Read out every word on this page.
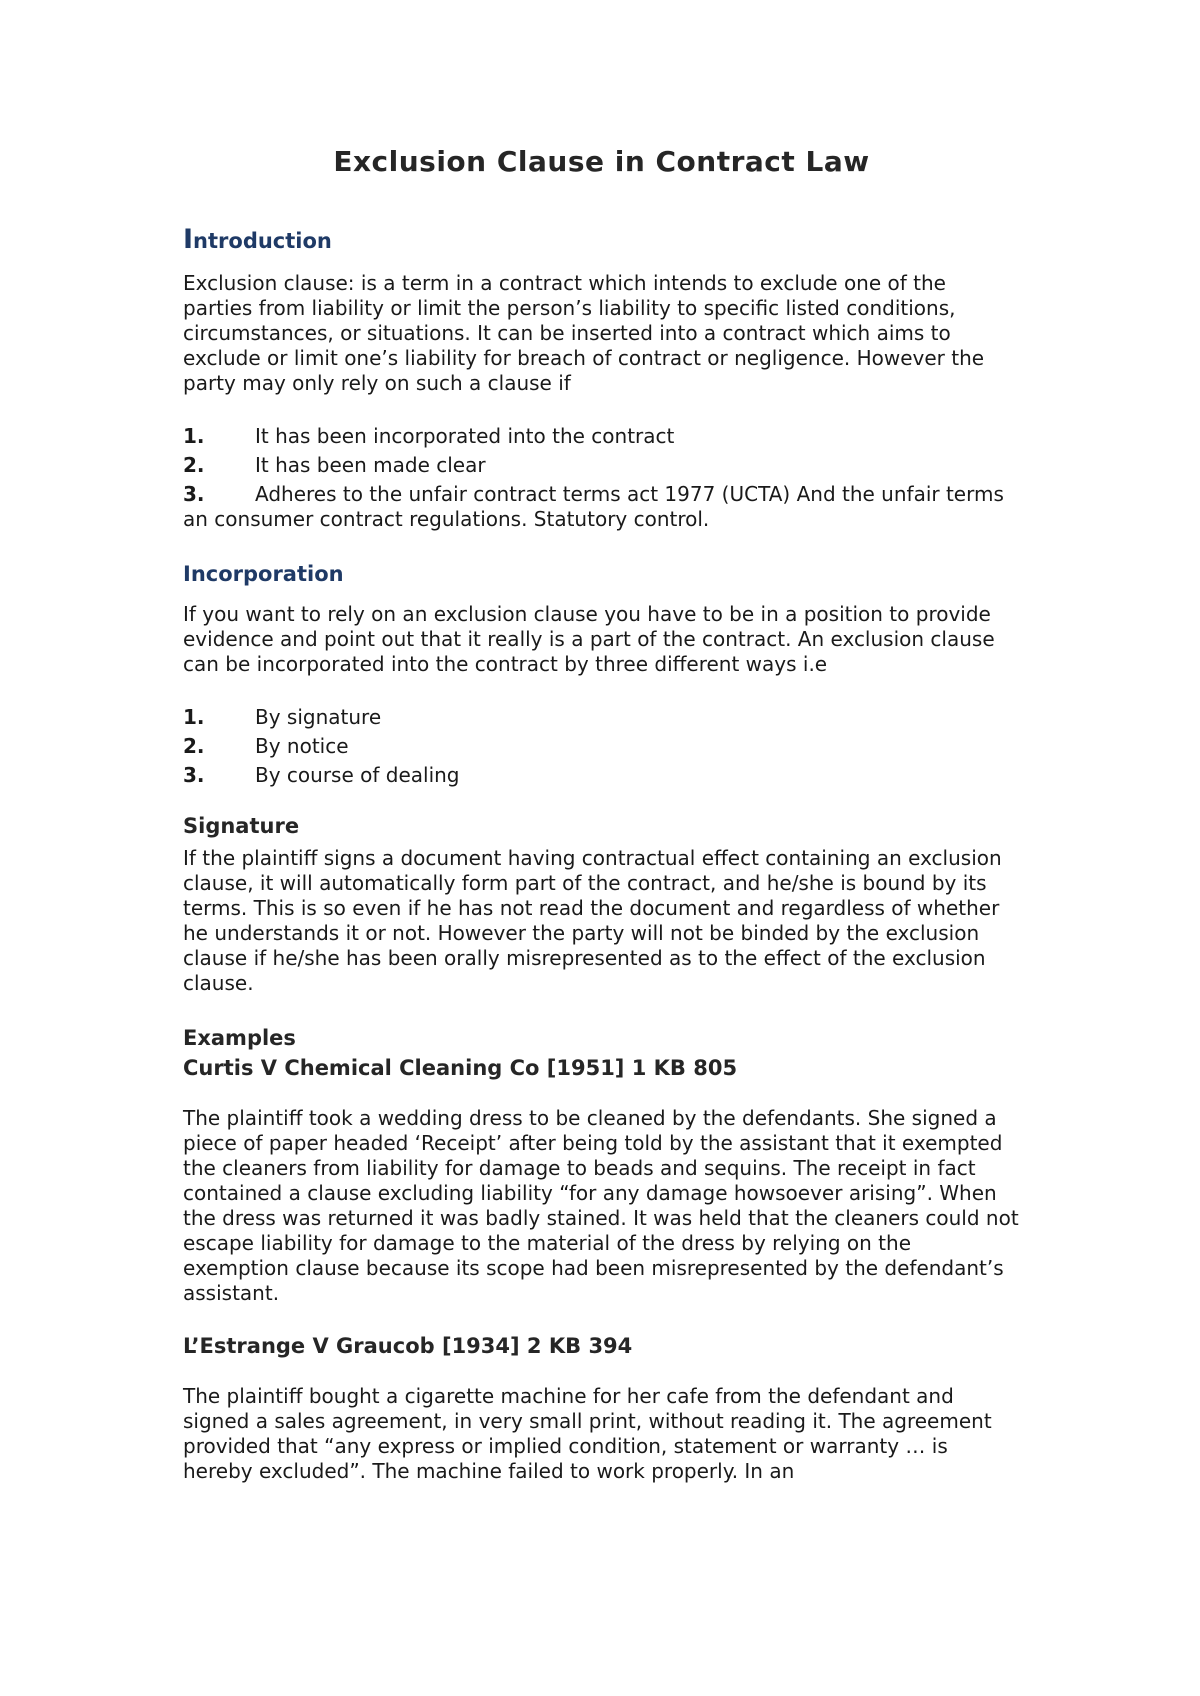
Exclusion Clause in Contract Law
Introduction

Exclusion clause: is a term in a contract which intends to exclude one of the parties from liability or limit the person’s liability to specific listed conditions, circumstances, or situations. It can be inserted into a contract which aims to exclude or limit one’s liability for breach of contract or negligence. However the party may only rely on such a clause if

1.	It has been incorporated into the contract
2.	It has been made clear
3.	Adheres to the unfair contract terms act 1977 (UCTA) And the unfair terms an consumer contract regulations. Statutory control.
Incorporation

If you want to rely on an exclusion clause you have to be in a position to provide evidence and point out that it really is a part of the contract. An exclusion clause can be incorporated into the contract by three different ways i.e

1.	By signature
2.	By notice
3.	By course of dealing
Signature

If the plaintiff signs a document having contractual effect containing an exclusion clause, it will automatically form part of the contract, and he/she is bound by its terms. This is so even if he has not read the document and regardless of whether he understands it or not. However the party will not be binded by the exclusion clause if he/she has been orally misrepresented as to the effect of the exclusion clause.

Examples
Curtis V Chemical Cleaning Co [1951] 1 KB 805

The plaintiff took a wedding dress to be cleaned by the defendants. She signed a piece of paper headed ‘Receipt’ after being told by the assistant that it exempted the cleaners from liability for damage to beads and sequins. The receipt in fact contained a clause excluding liability “for any damage howsoever arising”. When the dress was returned it was badly stained. It was held that the cleaners could not escape liability for damage to the material of the dress by relying on the exemption clause because its scope had been misrepresented by the defendant’s assistant.

L’Estrange V Graucob [1934] 2 KB 394

The plaintiff bought a cigarette machine for her cafe from the defendant and signed a sales agreement, in very small print, without reading it. The agreement provided that “any express or implied condition, statement or warranty … is hereby excluded”. The machine failed to work properly. In an
